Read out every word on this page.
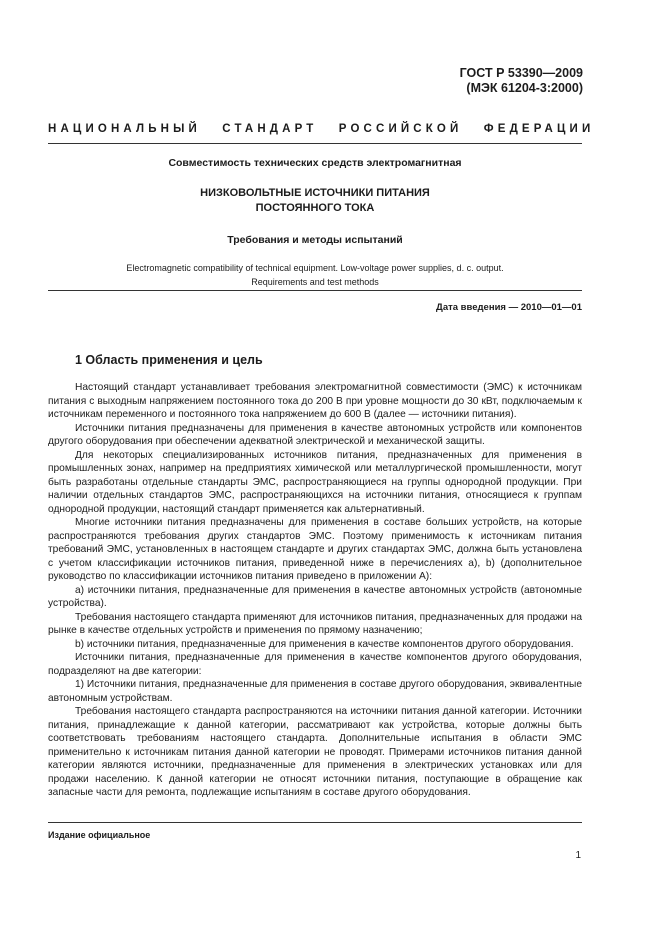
ГОСТ Р 53390—2009
(МЭК 61204-3:2000)
НАЦИОНАЛЬНЫЙ СТАНДАРТ РОССИЙСКОЙ ФЕДЕРАЦИИ
Совместимость технических средств электромагнитная
НИЗКОВОЛЬТНЫЕ ИСТОЧНИКИ ПИТАНИЯ
ПОСТОЯННОГО ТОКА
Требования и методы испытаний
Electromagnetic compatibility of technical equipment. Low-voltage power supplies, d. c. output.
Requirements and test methods
Дата введения — 2010—01—01
1 Область применения и цель

Настоящий стандарт устанавливает требования электромагнитной совместимости (ЭМС) к источникам питания с выходным напряжением постоянного тока до 200 В при уровне мощности до 30 кВт, подключаемым к источникам переменного и постоянного тока напряжением до 600 В (далее — источники питания).

Источники питания предназначены для применения в качестве автономных устройств или компонентов другого оборудования при обеспечении адекватной электрической и механической защиты.

Для некоторых специализированных источников питания, предназначенных для применения в промышленных зонах, например на предприятиях химической или металлургической промышленности, могут быть разработаны отдельные стандарты ЭМС, распространяющиеся на группы однородной продукции. При наличии отдельных стандартов ЭМС, распространяющихся на источники питания, относящиеся к группам однородной продукции, настоящий стандарт применяется как альтернативный.

Многие источники питания предназначены для применения в составе больших устройств, на которые распространяются требования других стандартов ЭМС. Поэтому применимость к источникам питания требований ЭМС, установленных в настоящем стандарте и других стандартах ЭМС, должна быть установлена с учетом классификации источников питания, приведенной ниже в перечислениях а), b) (дополнительное руководство по классификации источников питания приведено в приложении А):

а) источники питания, предназначенные для применения в качестве автономных устройств (автономные устройства).

Требования настоящего стандарта применяют для источников питания, предназначенных для продажи на рынке в качестве отдельных устройств и применения по прямому назначению;

b) источники питания, предназначенные для применения в качестве компонентов другого оборудования.

Источники питания, предназначенные для применения в качестве компонентов другого оборудования, подразделяют на две категории:

1) Источники питания, предназначенные для применения в составе другого оборудования, эквивалентные автономным устройствам.

Требования настоящего стандарта распространяются на источники питания данной категории. Источники питания, принадлежащие к данной категории, рассматривают как устройства, которые должны быть соответствовать требованиям настоящего стандарта. Дополнительные испытания в области ЭМС применительно к источникам питания данной категории не проводят. Примерами источников питания данной категории являются источники, предназначенные для применения в электрических установках или для продажи населению. К данной категории не относят источники питания, поступающие в обращение как запасные части для ремонта, подлежащие испытаниям в составе другого оборудования.

Издание официальное
1
